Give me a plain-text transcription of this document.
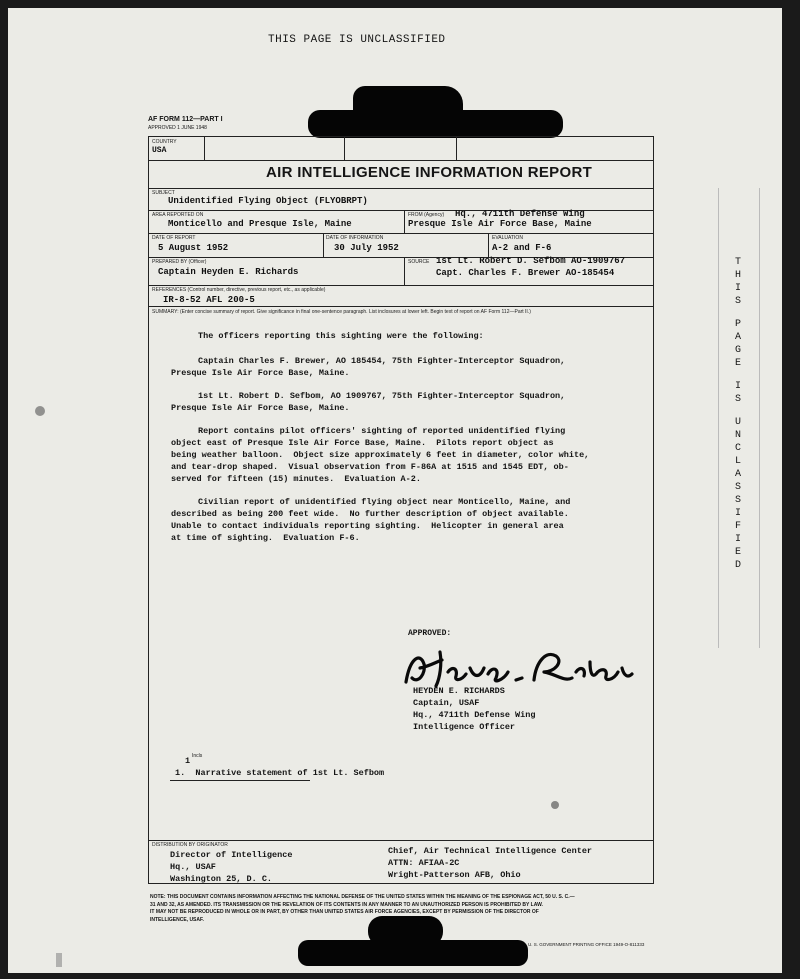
THIS PAGE IS UNCLASSIFIED
AF FORM 112—PART I
APPROVED 1 JUNE 1948
COUNTRY
USA
AIR INTELLIGENCE INFORMATION REPORT
SUBJECT
Unidentified Flying Object (FLYOBRPT)
AREA REPORTED ON
Monticello and Presque Isle, Maine
FROM (Agency) Hq., 4711th Defense Wing
Presque Isle Air Force Base, Maine
DATE OF REPORT
5 August 1952
DATE OF INFORMATION
30 July 1952
EVALUATION
A-2 and F-6
PREPARED BY (Officer)
Captain Heyden E. Richards
SOURCE 1st Lt. Robert D. Sefbom AO-1909767
Capt. Charles F. Brewer AO-185454
REFERENCES (Control number, directive, previous report, etc., as applicable)
IR-8-52 AFL 200-5
SUMMARY: (Enter concise summary of report. Give significance in final one-sentence paragraph. List inclosures at lower left. Begin text of report on AF Form 112—Part II.)
The officers reporting this sighting were the following:
Captain Charles F. Brewer, AO 185454, 75th Fighter-Interceptor Squadron,
Presque Isle Air Force Base, Maine.
1st Lt. Robert D. Sefbom, AO 1909767, 75th Fighter-Interceptor Squadron,
Presque Isle Air Force Base, Maine.
Report contains pilot officers' sighting of reported unidentified flying
object east of Presque Isle Air Force Base, Maine.  Pilots report object as
being weather balloon.  Object size approximately 6 feet in diameter, color white,
and tear-drop shaped.  Visual observation from F-86A at 1515 and 1545 EDT, ob-
served for fifteen (15) minutes.  Evaluation A-2.
Civilian report of unidentified flying object near Monticello, Maine, and
described as being 200 feet wide.  No further description of object available.
Unable to contact individuals reporting sighting.  Helicopter in general area
at time of sighting.  Evaluation F-6.
APPROVED:
HEYDEN E. RICHARDS
Captain, USAF
Hq., 4711th Defense Wing
Intelligence Officer
1 Incls
1.  Narrative statement of 1st Lt. Sefbom
DISTRIBUTION BY ORIGINATOR
Director of Intelligence
Hq., USAF
Washington 25, D. C.
Chief, Air Technical Intelligence Center
ATTN: AFIAA-2C
Wright-Patterson AFB, Ohio
NOTE: THIS DOCUMENT CONTAINS INFORMATION AFFECTING THE NATIONAL DEFENSE OF THE UNITED STATES WITHIN THE MEANING OF THE ESPIONAGE ACT, 50 U. S. C.—
31 AND 32, AS AMENDED. ITS TRANSMISSION OR THE REVELATION OF ITS CONTENTS IN ANY MANNER TO AN UNAUTHORIZED PERSON IS PROHIBITED BY LAW.
IT MAY NOT BE REPRODUCED IN WHOLE OR IN PART, BY OTHER THAN UNITED STATES AIR FORCE AGENCIES, EXCEPT BY PERMISSION OF THE DIRECTOR OF
INTELLIGENCE, USAF.
U. S. GOVERNMENT PRINTING OFFICE 1949-O-811333
T
H
I
S

P
A
G
E

I
S

U
N
C
L
A
S
S
I
F
I
E
D
